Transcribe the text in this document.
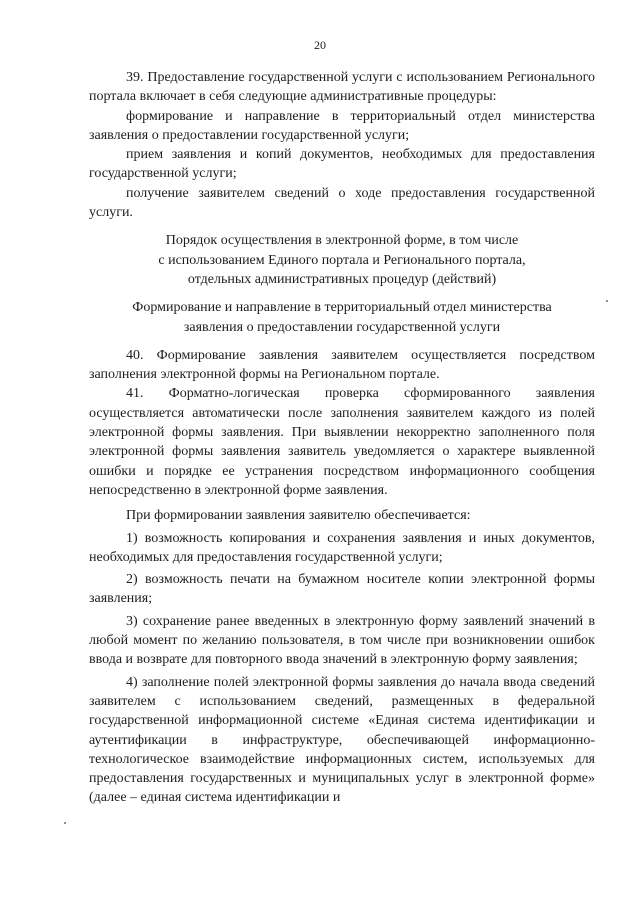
20

39. Предоставление государственной услуги с использованием Регионального портала включает в себя следующие административные процедуры:

формирование и направление в территориальный отдел министерства заявления о предоставлении государственной услуги;

прием заявления и копий документов, необходимых для предоставления государственной услуги;

получение заявителем сведений о ходе предоставления государственной услуги.

Порядок осуществления в электронной форме, в том числе

с использованием Единого портала и Регионального портала,

отдельных административных процедур (действий)

Формирование и направление в территориальный отдел министерства

заявления о предоставлении государственной услуги

40. Формирование заявления заявителем осуществляется посредством заполнения электронной формы на Региональном портале.

41. Форматно-логическая проверка сформированного заявления осуществляется автоматически после заполнения заявителем каждого из полей электронной формы заявления. При выявлении некорректно заполненного поля электронной формы заявления заявитель уведомляется о характере выявленной ошибки и порядке ее устранения посредством информационного сообщения непосредственно в электронной форме заявления.

При формировании заявления заявителю обеспечивается:

1) возможность копирования и сохранения заявления и иных документов, необходимых для предоставления государственной услуги;

2) возможность печати на бумажном носителе копии электронной формы заявления;

3) сохранение ранее введенных в электронную форму заявлений значений в любой момент по желанию пользователя, в том числе при возникновении ошибок ввода и возврате для повторного ввода значений в электронную форму заявления;

4) заполнение полей электронной формы заявления до начала ввода сведений заявителем с использованием сведений, размещенных в федеральной государственной информационной системе «Единая система идентификации и аутентификации в инфраструктуре, обеспечивающей информационно-технологическое взаимодействие информационных систем, используемых для предоставления государственных и муниципальных услуг в электронной форме» (далее – единая система идентификации и
